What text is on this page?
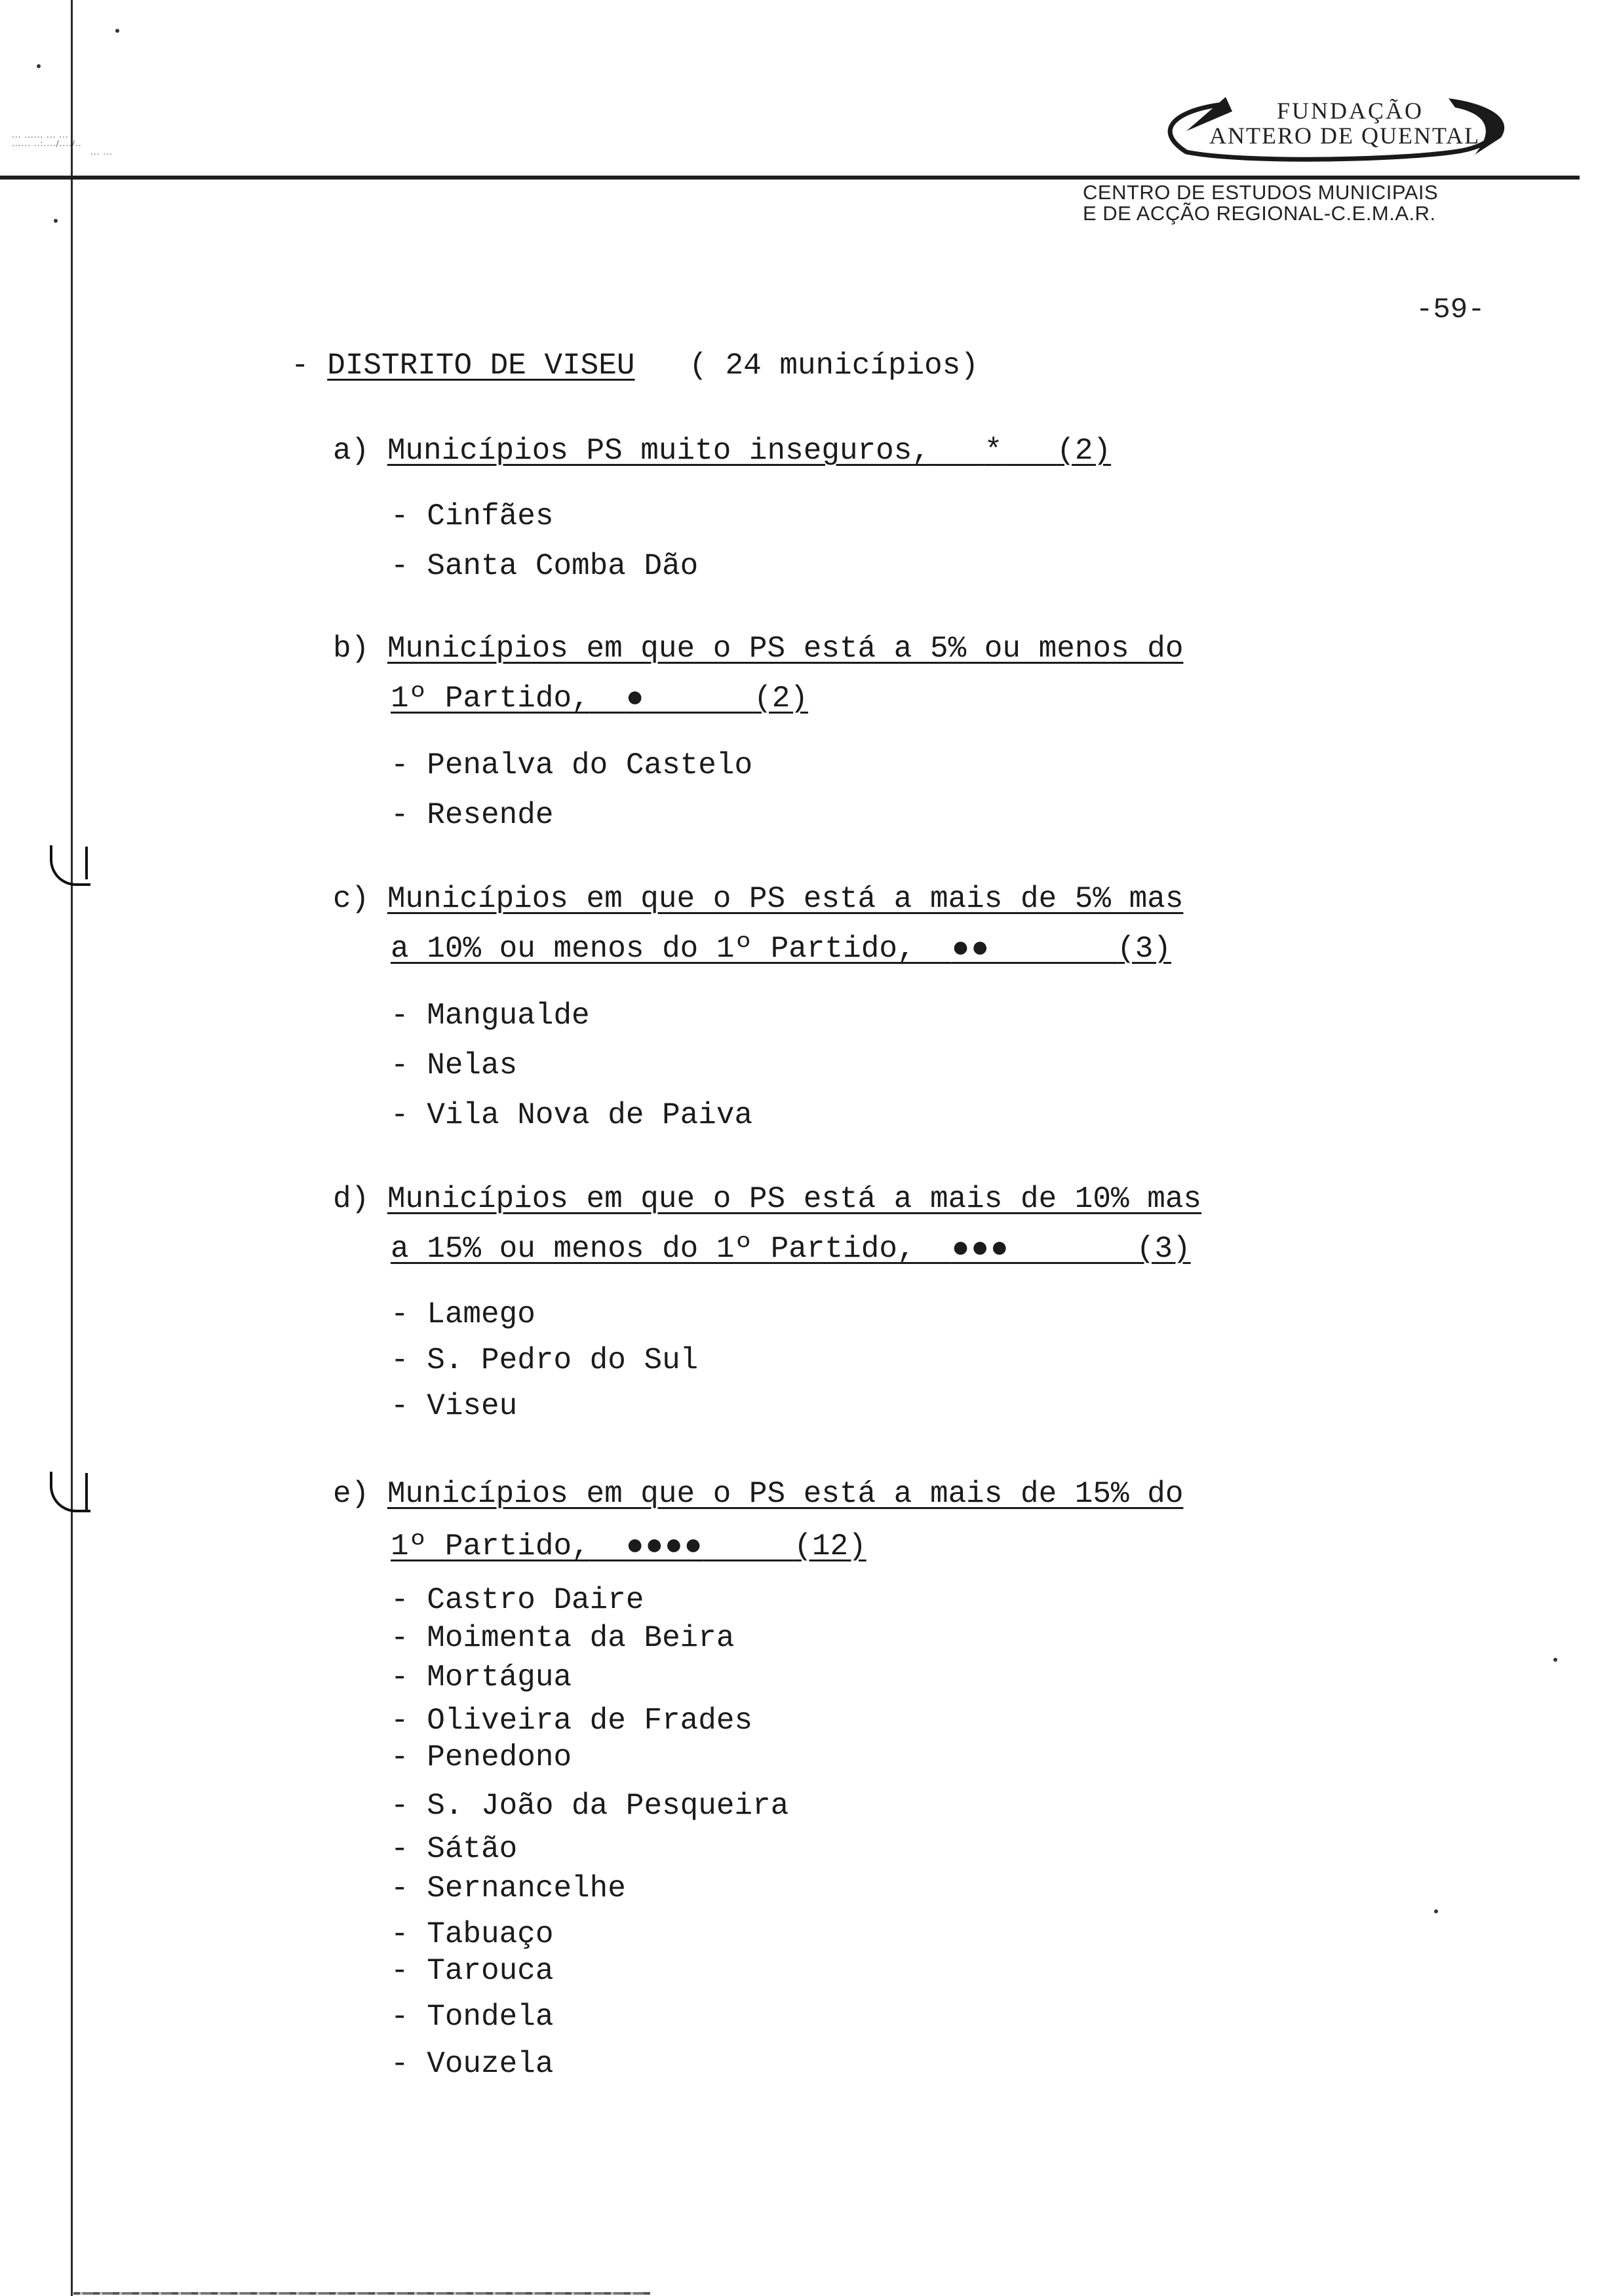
... ...... ... ...
...... ..:..../..../..
... ...
FUNDAÇÃO
ANTERO DE QUENTAL
CENTRO DE ESTUDOS MUNICIPAIS
E DE ACÇÃO REGIONAL-C.E.M.A.R.
-59-
- DISTRITO DE VISEU ( 24 municípios)
a) Municípios PS muito inseguros, * (2)
- Cinfães
- Santa Comba Dão
b) Municípios em que o PS está a 5% ou menos do
1º Partido, ●	(2)
- Penalva do Castelo
- Resende
c) Municípios em que o PS está a mais de 5% mas
a 10% ou menos do 1º Partido, ●●	(3)
- Mangualde
- Nelas
- Vila Nova de Paiva
d) Municípios em que o PS está a mais de 10% mas
a 15% ou menos do 1º Partido, ●●●	(3)
- Lamego
- S. Pedro do Sul
- Viseu
e) Municípios em que o PS está a mais de 15% do
1º Partido, ●●●●	(12)
- Castro Daire
- Moimenta da Beira
- Mortágua
- Oliveira de Frades
- Penedono
- S. João da Pesqueira
- Sátão
- Sernancelhe
- Tabuaço
- Tarouca
- Tondela
- Vouzela
